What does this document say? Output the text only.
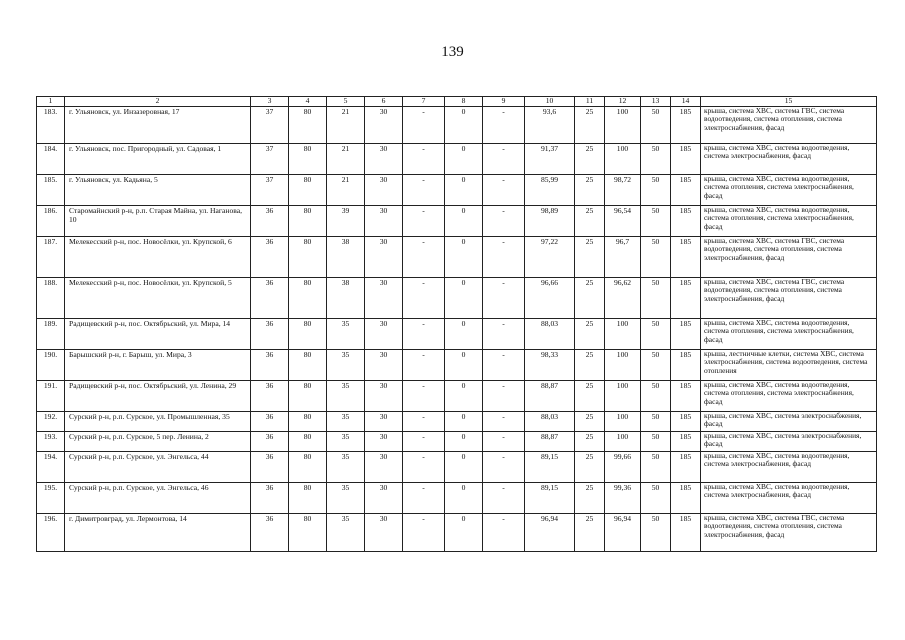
139
1	2	3	4	5	6	7	8	9	10	11	12	13	14	15
183.	г. Ульяновск, ул. Инзазеровная, 17	37	80	21	30	-	0	-	93,6	25	100	50	185	крыша, система ХВС, система ГВС, система водоотведения, система отопления, система электроснабжения, фасад
184.	г. Ульяновск, пос. Пригородный, ул. Садовая, 1	37	80	21	30	-	0	-	91,37	25	100	50	185	крыша, система ХВС, система водоотведения, система электроснабжения, фасад
185.	г. Ульяновск, ул. Кадьяна, 5	37	80	21	30	-	0	-	85,99	25	98,72	50	185	крыша, система ХВС, система водоотведения, система отопления, система электроснабжения, фасад
186.	Старомайнский р-н, р.п. Старая Майна, ул. Наганова, 10	36	80	39	30	-	0	-	98,89	25	96,54	50	185	крыша, система ХВС, система водоотведения, система отопления, система электроснабжения, фасад
187.	Мелекесский р-н, пос. Новосёлки, ул. Крупской, 6	36	80	38	30	-	0	-	97,22	25	96,7	50	185	крыша, система ХВС, система ГВС, система водоотведения, система отопления, система электроснабжения, фасад
188.	Мелекесский р-н, пос. Новосёлки, ул. Крупской, 5	36	80	38	30	-	0	-	96,66	25	96,62	50	185	крыша, система ХВС, система ГВС, система водоотведения, система отопления, система электроснабжения, фасад
189.	Радищевский р-н, пос. Октябрьский, ул. Мира, 14	36	80	35	30	-	0	-	88,03	25	100	50	185	крыша, система ХВС, система водоотведения, система отопления, система электроснабжения, фасад
190.	Барышский р-н, г. Барыш, ул. Мира, 3	36	80	35	30	-	0	-	98,33	25	100	50	185	крыша, лестничные клетки, система ХВС, система электроснабжения, система водоотведения, система отопления
191.	Радищевский р-н, пос. Октябрьский, ул. Ленина, 29	36	80	35	30	-	0	-	88,87	25	100	50	185	крыша, система ХВС, система водоотведения, система отопления, система электроснабжения, фасад
192.	Сурский р-н, р.п. Сурское, ул. Промышленная, 35	36	80	35	30	-	0	-	88,03	25	100	50	185	крыша, система ХВС, система электроснабжения, фасад
193.	Сурский р-н, р.п. Сурское, 5 пер. Ленина, 2	36	80	35	30	-	0	-	88,87	25	100	50	185	крыша, система ХВС, система электроснабжения, фасад
194.	Сурский р-н, р.п. Сурское, ул. Энгельса, 44	36	80	35	30	-	0	-	89,15	25	99,66	50	185	крыша, система ХВС, система водоотведения, система электроснабжения, фасад
195.	Сурский р-н, р.п. Сурское, ул. Энгельса, 46	36	80	35	30	-	0	-	89,15	25	99,36	50	185	крыша, система ХВС, система водоотведения, система электроснабжения, фасад
196.	г. Димитровград, ул. Лермонтова, 14	36	80	35	30	-	0	-	96,94	25	96,94	50	185	крыша, система ХВС, система ГВС, система водоотведения, система отопления, система электроснабжения, фасад
